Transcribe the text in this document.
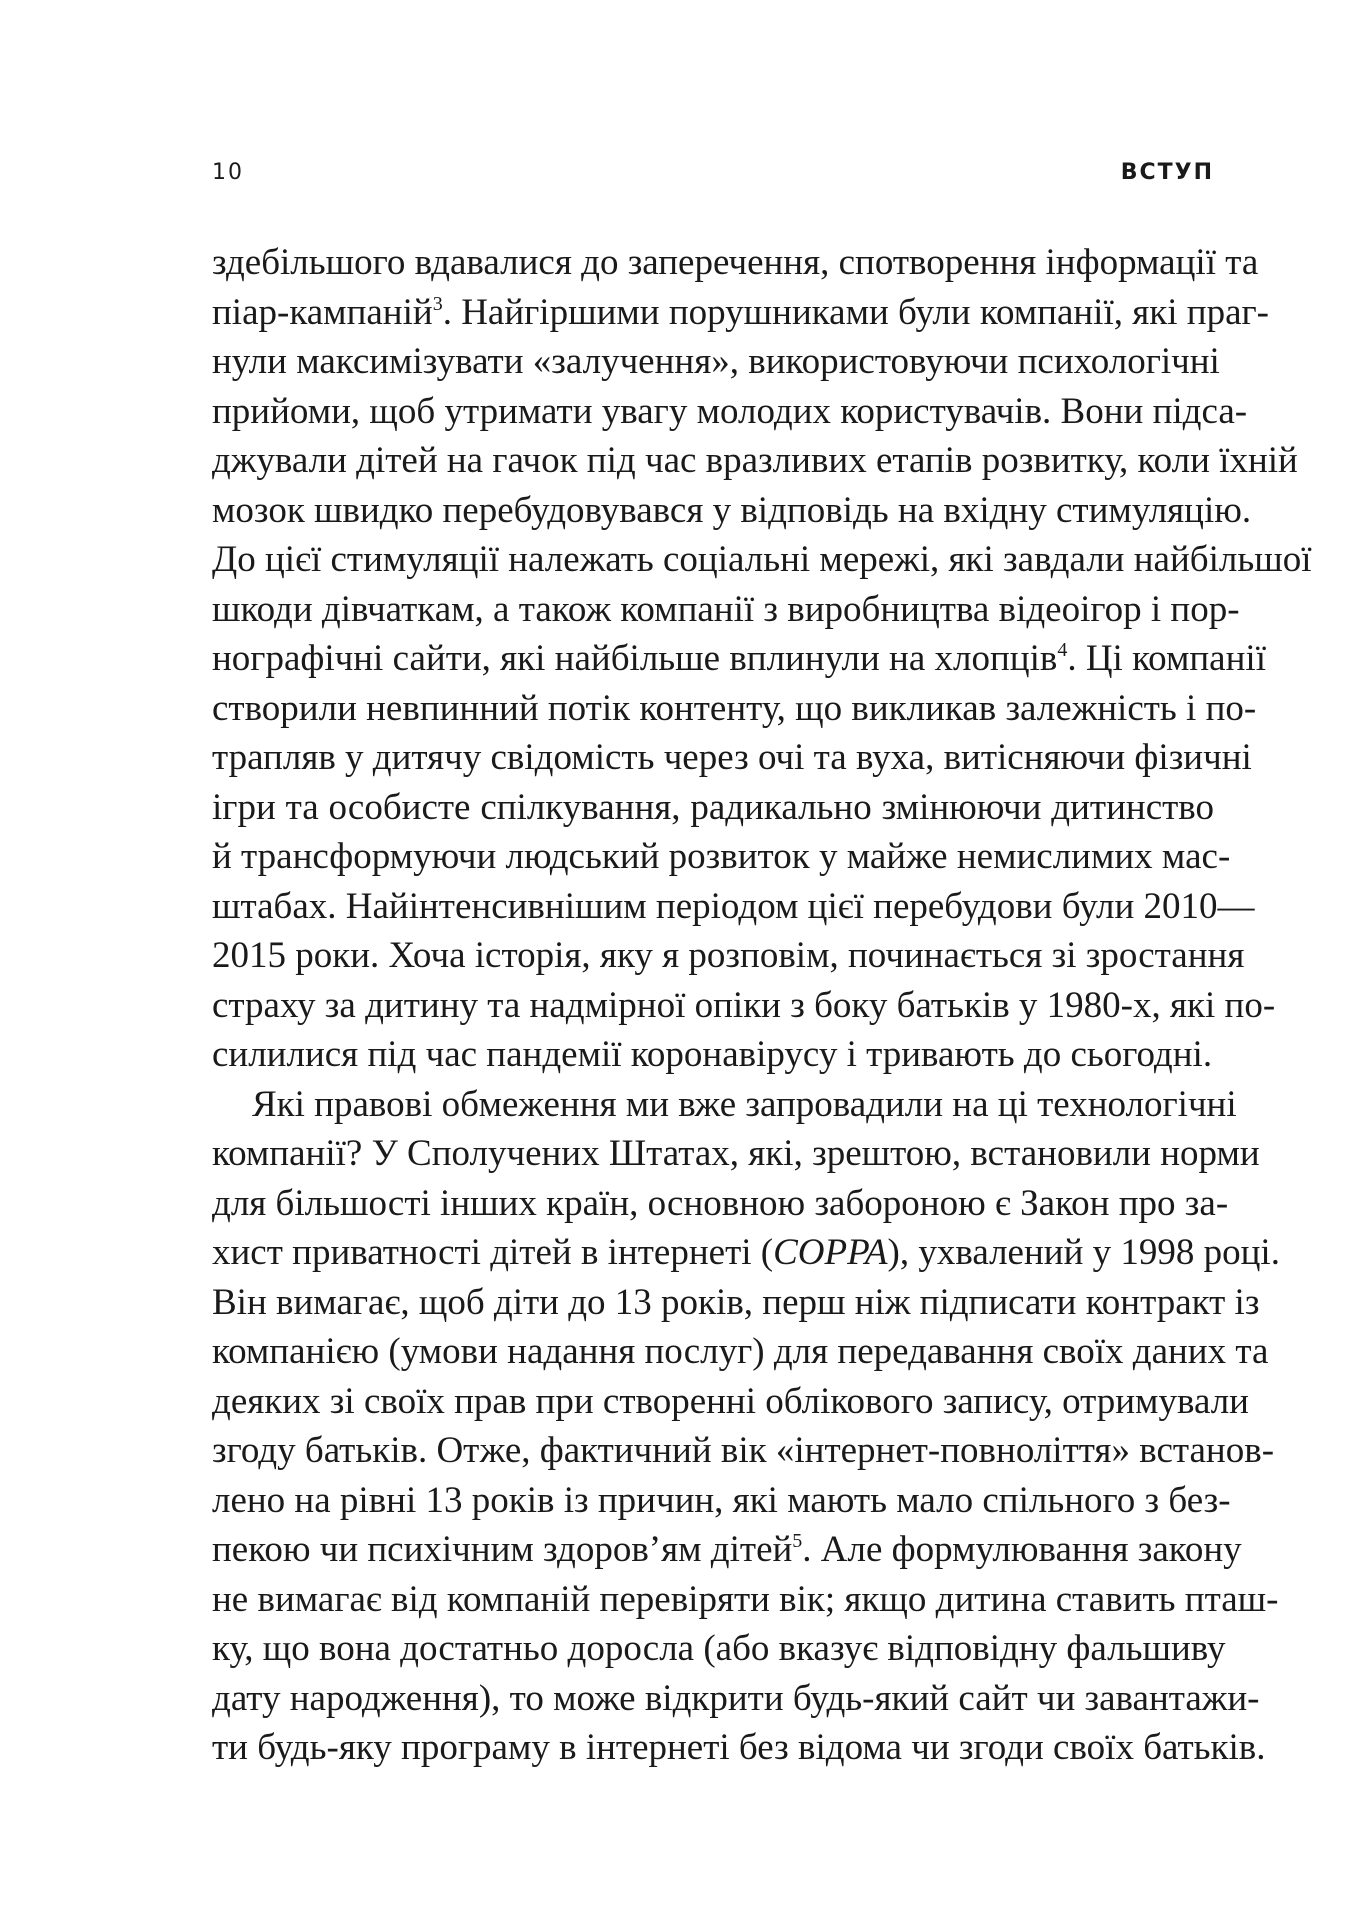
10	ВСТУП
здебільшого вдавалися до заперечення, спотворення інформації та
піар-кампаній$^3$. Найгіршими порушниками були компанії, які праг-
нули максимізувати «залучення», використовуючи психологічні
прийоми, щоб утримати увагу молодих користувачів. Вони підса-
джували дітей на гачок під час вразливих етапів розвитку, коли їхній
мозок швидко перебудовувався у відповідь на вхідну стимуляцію.
До цієї стимуляції належать соціальні мережі, які завдали найбільшої
шкоди дівчаткам, а також компанії з виробництва відеоігор і пор-
нографічні сайти, які найбільше вплинули на хлопців$^4$. Ці компанії
створили невпинний потік контенту, що викликав залежність і по-
трапляв у дитячу свідомість через очі та вуха, витісняючи фізичні
ігри та особисте спілкування, радикально змінюючи дитинство
й трансформуючи людський розвиток у майже немислимих мас-
штабах. Найінтенсивнішим періодом цієї перебудови були 2010—
2015 роки. Хоча історія, яку я розповім, починається зі зростання
страху за дитину та надмірної опіки з боку батьків у 1980-х, які по-
силилися під час пандемії коронавірусу і тривають до сьогодні.
Які правові обмеження ми вже запровадили на ці технологічні
компанії? У Сполучених Штатах, які, зрештою, встановили норми
для більшості інших країн, основною забороною є Закон про за-
хист приватності дітей в інтернеті (COPPA), ухвалений у 1998 році.
Він вимагає, щоб діти до 13 років, перш ніж підписати контракт із
компанією (умови надання послуг) для передавання своїх даних та
деяких зі своїх прав при створенні облікового запису, отримували
згоду батьків. Отже, фактичний вік «інтернет-повноліття» встанов-
лено на рівні 13 років із причин, які мають мало спільного з без-
пекою чи психічним здоров’ям дітей$^5$. Але формулювання закону
не вимагає від компаній перевіряти вік; якщо дитина ставить пташ-
ку, що вона достатньо доросла (або вказує відповідну фальшиву
дату народження), то може відкрити будь-який сайт чи завантажи-
ти будь-яку програму в інтернеті без відома чи згоди своїх батьків.
